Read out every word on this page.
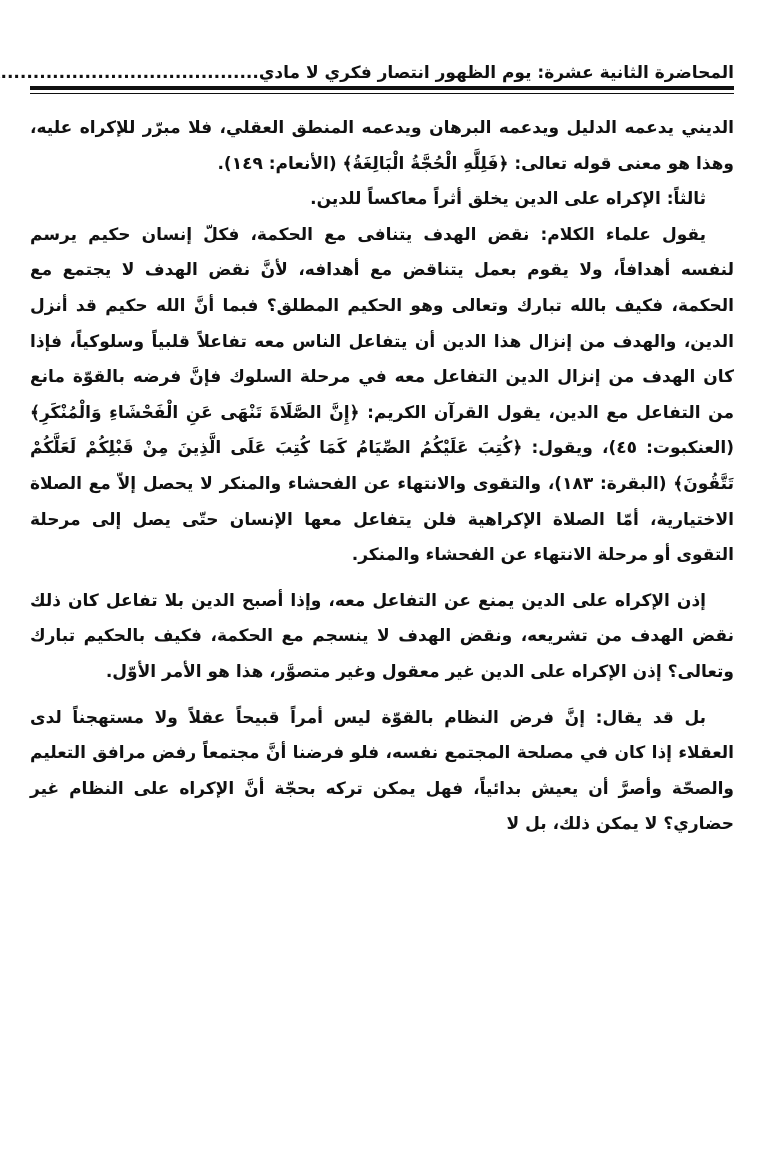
المحاضرة الثانية عشرة: يوم الظهور انتصار فكري لا مادي
........................................

الديني يدعمه الدليل ويدعمه البرهان ويدعمه المنطق العقلي، فلا مبرّر للإكراه عليه، وهذا هو معنى قوله تعالى: ﴿فَلِلَّهِ الْحُجَّةُ الْبَالِغَةُ﴾ (الأنعام: ١٤٩).

ثالثاً: الإكراه على الدين يخلق أثراً معاكساً للدين.

يقول علماء الكلام: نقض الهدف يتنافى مع الحكمة، فكلّ إنسان حكيم يرسم لنفسه أهدافاً، ولا يقوم بعمل يتناقض مع أهدافه، لأنَّ نقض الهدف لا يجتمع مع الحكمة، فكيف بالله تبارك وتعالى وهو الحكيم المطلق؟ فبما أنَّ الله حكيم قد أنزل الدين، والهدف من إنزال هذا الدين أن يتفاعل الناس معه تفاعلاً قلبياً وسلوكياً، فإذا كان الهدف من إنزال الدين التفاعل معه في مرحلة السلوك فإنَّ فرضه بالقوّة مانع من التفاعل مع الدين، يقول القرآن الكريم: ﴿إِنَّ الصَّلَاةَ تَنْهَى عَنِ الْفَحْشَاءِ وَالْمُنْكَرِ﴾ (العنكبوت: ٤٥)، ويقول: ﴿كُتِبَ عَلَيْكُمُ الصِّيَامُ كَمَا كُتِبَ عَلَى الَّذِينَ مِنْ قَبْلِكُمْ لَعَلَّكُمْ تَتَّقُونَ﴾ (البقرة: ١٨٣)، والتقوى والانتهاء عن الفحشاء والمنكر لا يحصل إلاّ مع الصلاة الاختيارية، أمّا الصلاة الإكراهية فلن يتفاعل معها الإنسان حتّى يصل إلى مرحلة التقوى أو مرحلة الانتهاء عن الفحشاء والمنكر.

إذن الإكراه على الدين يمنع عن التفاعل معه، وإذا أصبح الدين بلا تفاعل كان ذلك نقض الهدف من تشريعه، ونقض الهدف لا ينسجم مع الحكمة، فكيف بالحكيم تبارك وتعالى؟ إذن الإكراه على الدين غير معقول وغير متصوَّر، هذا هو الأمر الأوّل.

بل قد يقال: إنَّ فرض النظام بالقوّة ليس أمراً قبيحاً عقلاً ولا مستهجناً لدى العقلاء إذا كان في مصلحة المجتمع نفسه، فلو فرضنا أنَّ مجتمعاً رفض مرافق التعليم والصحّة وأصرَّ أن يعيش بدائياً، فهل يمكن تركه بحجّة أنَّ الإكراه على النظام غير حضاري؟ لا يمكن ذلك، بل لا
